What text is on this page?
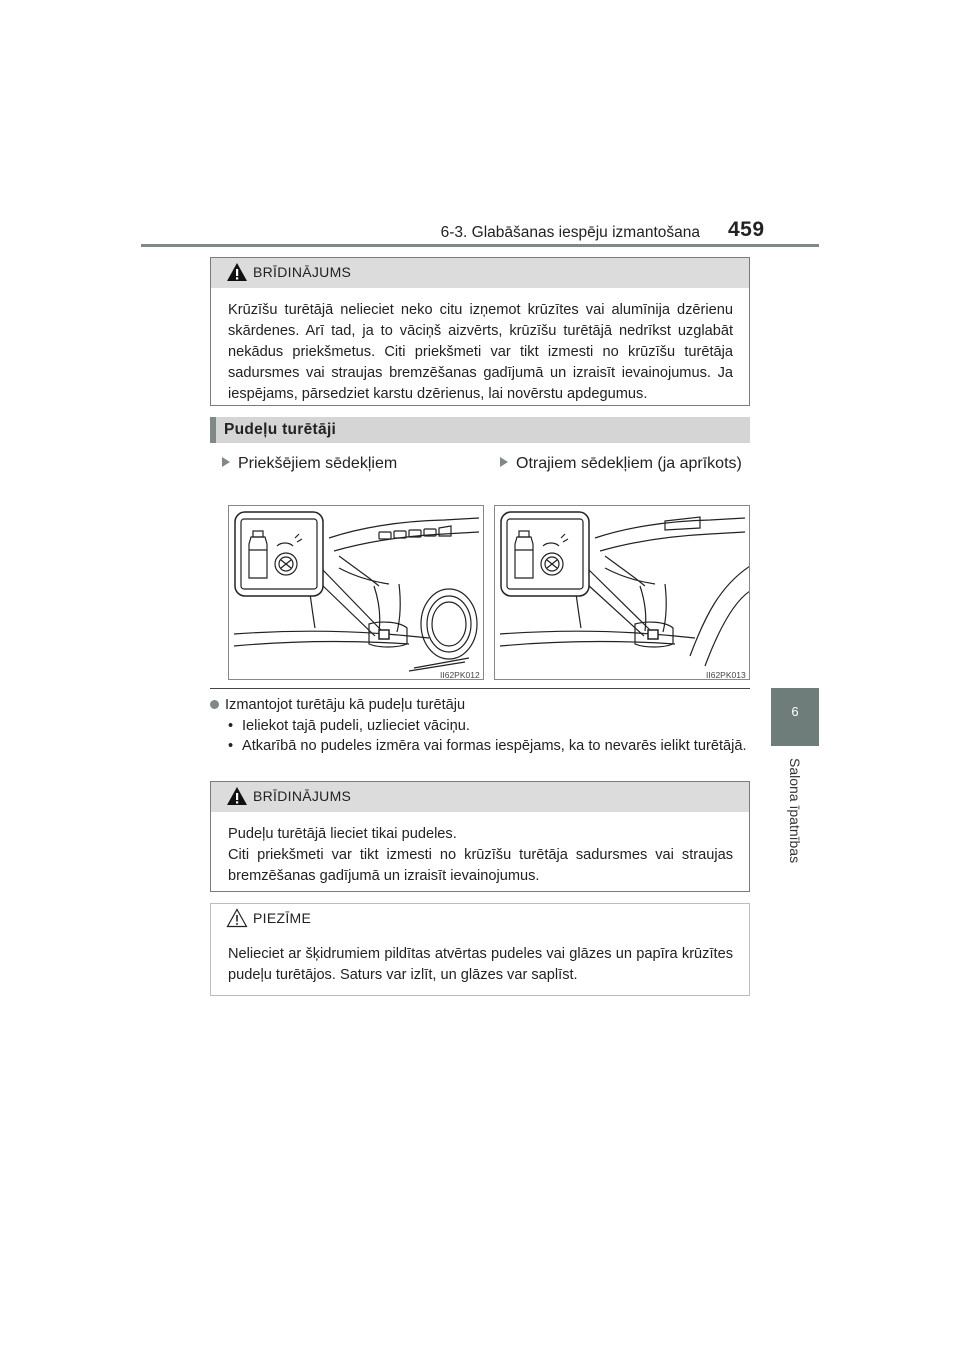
6-3. Glabāšanas iespēju izmantošana 459
6
Salona īpatnības
BRĪDINĀJUMS
Krūzīšu turētājā nelieciet neko citu izņemot krūzītes vai alumīnija dzērienu skārdenes. Arī tad, ja to vāciņš aizvērts, krūzīšu turētājā nedrīkst uzglabāt nekādus priekšmetus. Citi priekšmeti var tikt izmesti no krūzīšu turētāja sadursmes vai straujas bremzēšanas gadījumā un izraisīt ievainojumus. Ja iespējams, pārsedziet karstu dzērienus, lai novērstu apdegumus.
Pudeļu turētāji
Priekšējiem sēdekļiem	Otrajiem sēdekļiem (ja aprīkots)
II62PK012	II62PK013
Izmantojot turētāju kā pudeļu turētāju
• Ieliekot tajā pudeli, uzlieciet vāciņu.
• Atkarībā no pudeles izmēra vai formas iespējams, ka to nevarēs ielikt turētājā.
BRĪDINĀJUMS
Pudeļu turētājā lieciet tikai pudeles.
Citi priekšmeti var tikt izmesti no krūzīšu turētāja sadursmes vai straujas bremzēšanas gadījumā un izraisīt ievainojumus.
PIEZĪME
Nelieciet ar šķidrumiem pildītas atvērtas pudeles vai glāzes un papīra krūzītes pudeļu turētājos. Saturs var izlīt, un glāzes var saplīst.
